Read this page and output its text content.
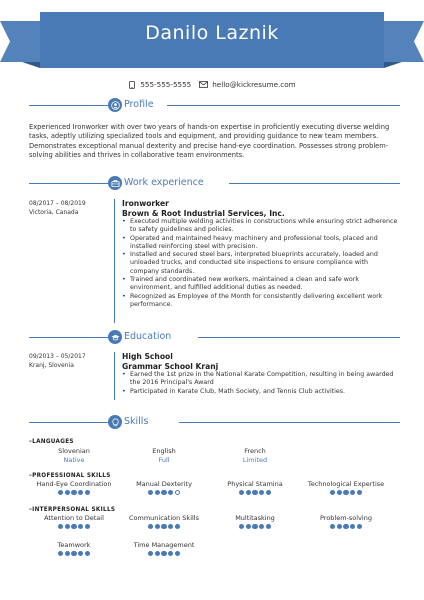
Danilo Laznik
555-555-5555	hello@kickresume.com
Profile
Experienced Ironworker with over two years of hands-on expertise in proficiently executing diverse welding tasks, adeptly utilizing specialized tools and equipment, and providing guidance to new team members. Demonstrates exceptional manual dexterity and precise hand-eye coordination. Possesses strong problem-solving abilities and thrives in collaborative team environments.
Work experience
08/2017 – 08/2019
Victoria, Canada
Ironworker
Brown & Root Industrial Services, Inc.
• Executed multiple welding activities in constructions while ensuring strict adherence to safety guidelines and policies.
• Operated and maintained heavy machinery and professional tools, placed and installed reinforcing steel with precision.
• Installed and secured steel bars, interpreted blueprints accurately, loaded and unloaded trucks, and conducted site inspections to ensure compliance with company standards.
• Trained and coordinated new workers, maintained a clean and safe work environment, and fulfilled additional duties as needed.
• Recognized as Employee of the Month for consistently delivering excellent work performance.
Education
09/2013 – 05/2017
Kranj, Slovenia
High School
Grammar School Kranj
• Earned the 1st prize in the National Karate Competition, resulting in being awarded the 2016 Principal's Award
• Participated in Karate Club, Math Society, and Tennis Club activities.
Skills
–LANGUAGES
Slovenian
Native
English
Full
French
Limited
–PROFESSIONAL SKILLS
Hand-Eye Coordination	Manual Dexterity	Physical Stamina	Technological Expertise
–INTERPERSONAL SKILLS
Attention to Detail	Communication Skills	Multitasking	Problem-solving
Teamwork	Time Management
